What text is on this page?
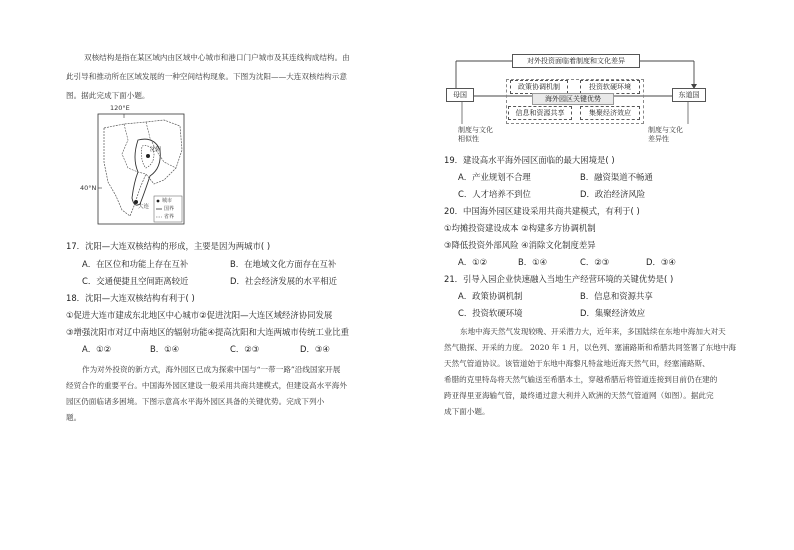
双核结构是指在某区域内由区域中心城市和港口门户城市及其连线构成结构。由
此引导和推动所在区域发展的一种空间结构现象。下图为沈阳——大连双核结构示意
图。据此完成下面小题。
120°E
40°N
沈阳
大连
城市
国界
省界
17．沈阳—大连双核结构的形成，主要是因为两城市( )
A．在区位和功能上存在互补	B．在地域文化方面存在互补
C．交通便捷且空间距离较近	D．社会经济发展的水平相近
18．沈阳—大连双核结构有利于( )
①促进大连市建成东北地区中心城市②促进沈阳—大连区域经济协同发展
③增强沈阳市对辽中南地区的辐射功能④提高沈阳和大连两城市传统工业比重
A．①②	B．①④	C．②③	D．③④
作为对外投资的新方式，海外园区已成为探索中国与“一带一路”沿线国家开展
经贸合作的重要平台。中国海外园区建设一般采用共商共建模式，但建设高水平海外
园区仍面临诸多困境。下图示意高水平海外园区具备的关键优势。完成下列小
题。
对外投资面临着制度和文化差异
母国	东道国
政策协调机制	投资软硬环境
海外园区关键优势
信息和资源共享	集聚经济效应
制度与文化
相似性
制度与文化
差异性
19．建设高水平海外园区面临的最大困境是( )
A．产业规划不合理	B．融资渠道不畅通
C．人才培养不到位	D．政治经济风险
20．中国海外园区建设采用共商共建模式，有利于( )
①均摊投资建设成本 ②构建多方协调机制
③降低投资外部风险 ④消除文化制度差异
A．①②	B．①④	C．②③	D．③④
21．引导入园企业快速融入当地生产经营环境的关键优势是( )
A．政策协调机制	B．信息和资源共享
C．投资软硬环境	D．集聚经济效应
东地中海天然气发现较晚、开采潜力大，近年来，多国陆续在东地中海加大对天
然气勘探、开采的力度。 2020 年 1 月，以色列、塞浦路斯和希腊共同签署了东地中海
天然气管道协议。该管道始于东地中海黎凡特盆地近海天然气田，经塞浦路斯、
希腊的克里特岛将天然气输送至希腊本土，穿越希腊后将管道连接到目前仍在建的
跨亚得里亚海输气管，最终通过意大利并入欧洲的天然气管道网（如图）。据此完
成下面小题。
